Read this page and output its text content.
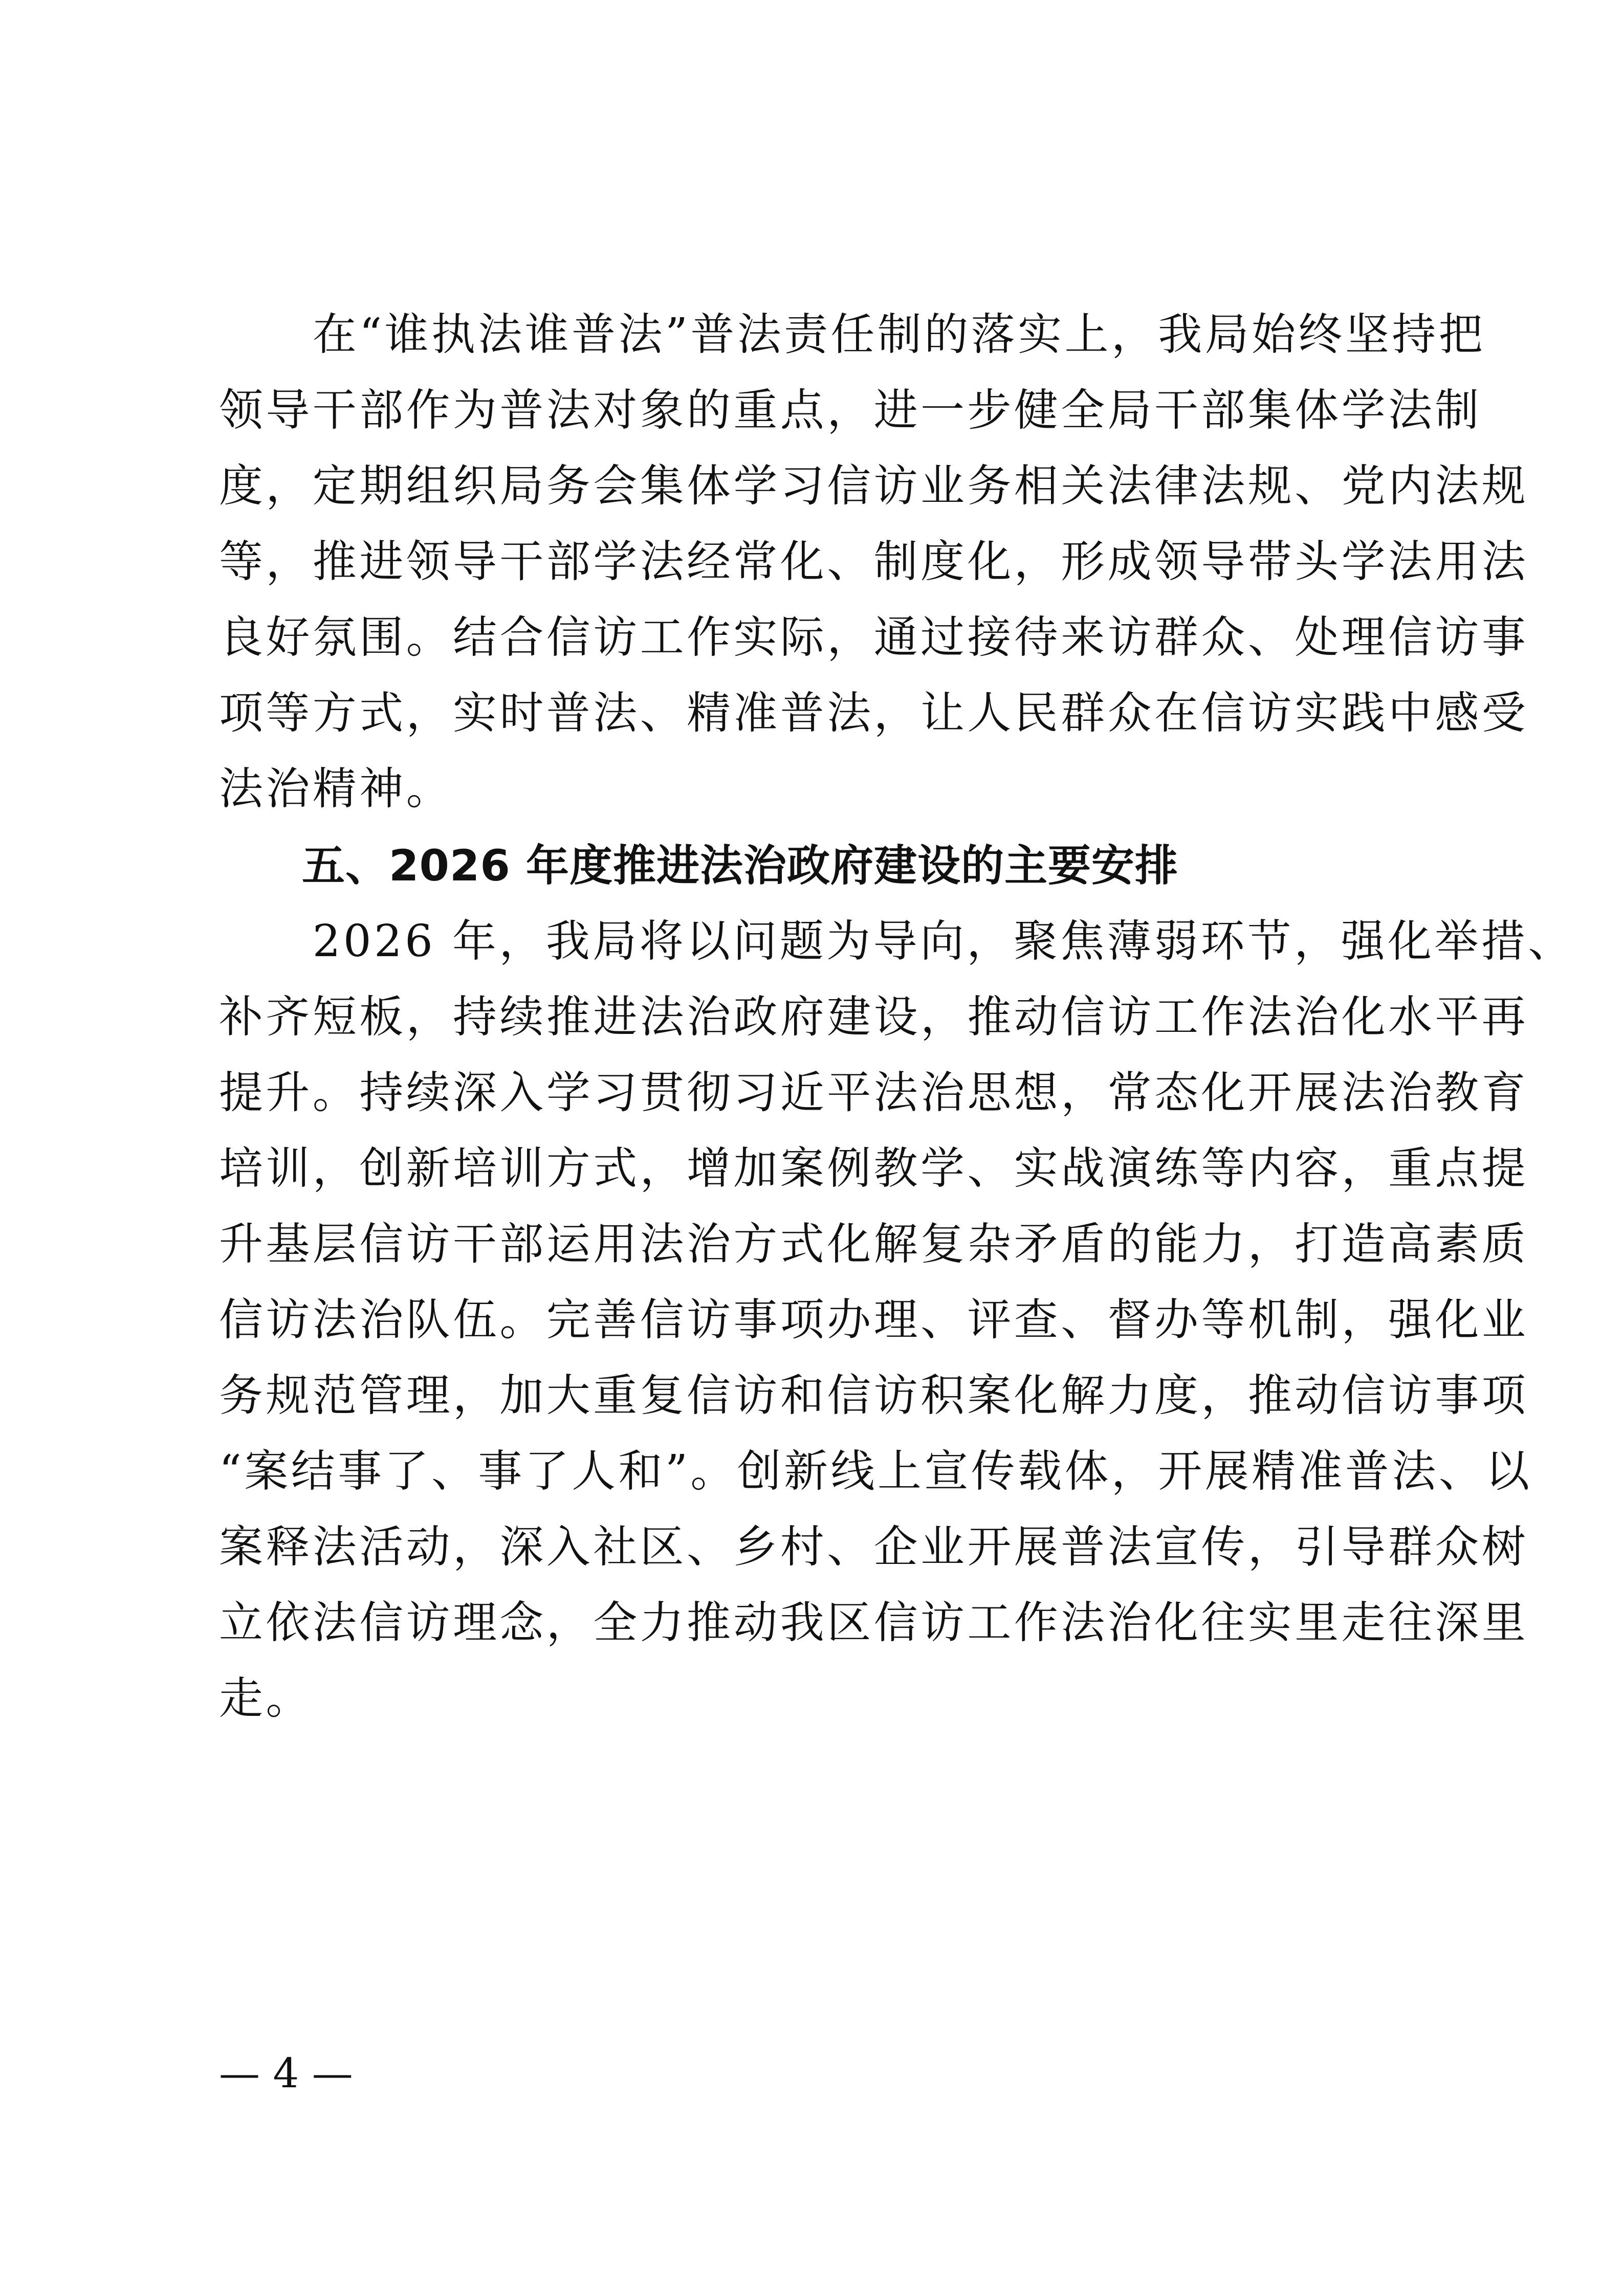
　　在“谁执法谁普法”普法责任制的落实上，我局始终坚持把
领导干部作为普法对象的重点，进一步健全局干部集体学法制
度，定期组织局务会集体学习信访业务相关法律法规、党内法规
等，推进领导干部学法经常化、制度化，形成领导带头学法用法
良好氛围。结合信访工作实际，通过接待来访群众、处理信访事
项等方式，实时普法、精准普法，让人民群众在信访实践中感受
法治精神。
五、2026 年度推进法治政府建设的主要安排
　　2026 年，我局将以问题为导向，聚焦薄弱环节，强化举措、
补齐短板，持续推进法治政府建设，推动信访工作法治化水平再
提升。持续深入学习贯彻习近平法治思想，常态化开展法治教育
培训，创新培训方式，增加案例教学、实战演练等内容，重点提
升基层信访干部运用法治方式化解复杂矛盾的能力，打造高素质
信访法治队伍。完善信访事项办理、评查、督办等机制，强化业
务规范管理，加大重复信访和信访积案化解力度，推动信访事项
“案结事了、事了人和”。创新线上宣传载体，开展精准普法、以
案释法活动，深入社区、乡村、企业开展普法宣传，引导群众树
立依法信访理念，全力推动我区信访工作法治化往实里走往深里
走。
— 4 —
